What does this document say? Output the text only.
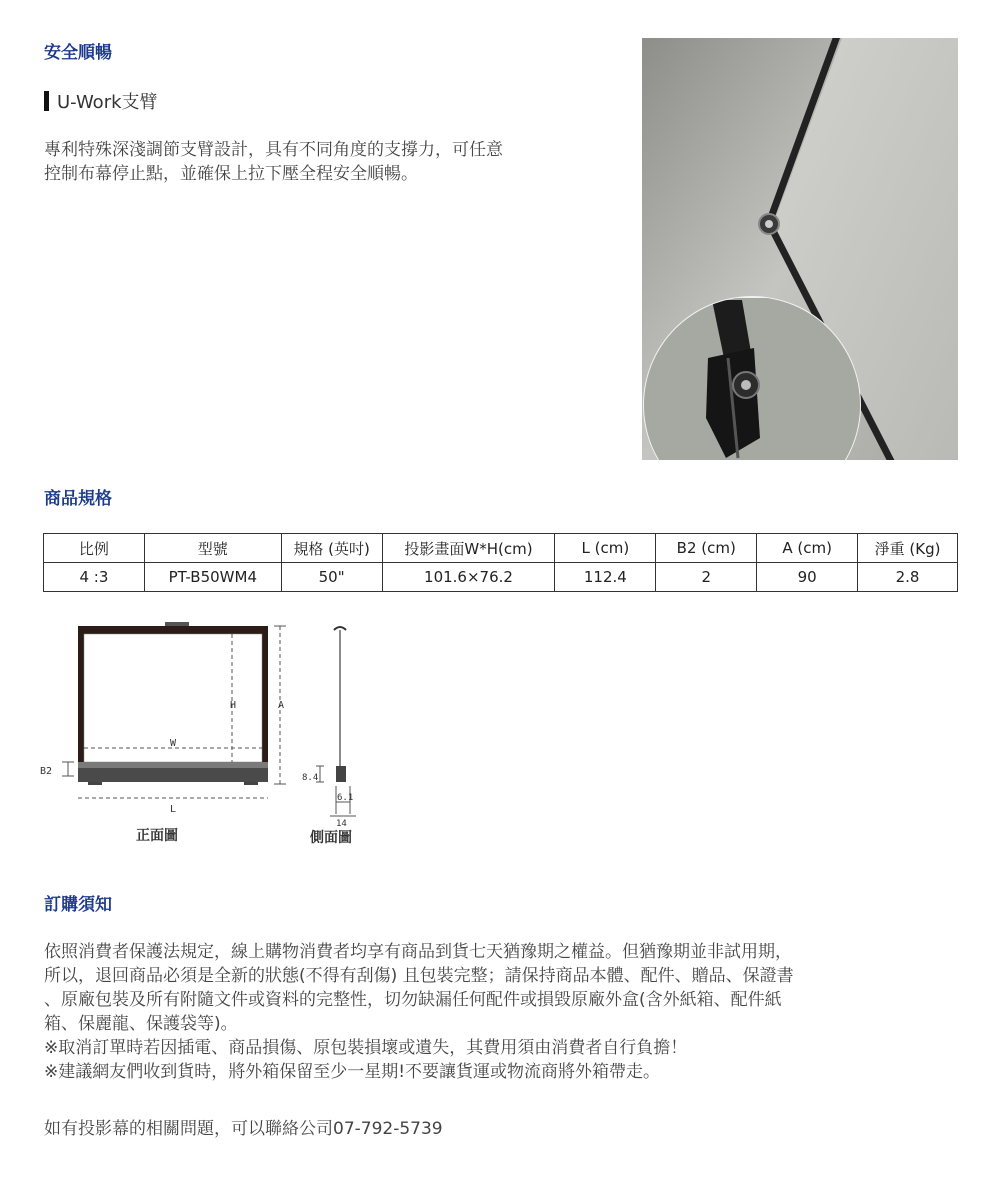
安全順暢
U-Work支臂
專利特殊深淺調節支臂設計，具有不同角度的支撐力，可任意
控制布幕停止點，並確保上拉下壓全程安全順暢。
商品規格
比例	型號	規格 (英吋)	投影畫面W*H(cm)	L (cm)	B2 (cm)	A (cm)	淨重 (Kg)
4 :3	PT-B50WM4	50"	101.6×76.2	112.4	2	90	2.8
H	A
W
B2
L
正面圖
8.4
6.1
14
側面圖
訂購須知
依照消費者保護法規定，線上購物消費者均享有商品到貨七天猶豫期之權益。但猶豫期並非試用期，
所以，退回商品必須是全新的狀態(不得有刮傷) 且包裝完整；請保持商品本體、配件、贈品、保證書
、原廠包裝及所有附隨文件或資料的完整性，切勿缺漏任何配件或損毀原廠外盒(含外紙箱、配件紙
箱、保麗龍、保護袋等)。
※取消訂單時若因插電、商品損傷、原包裝損壞或遺失，其費用須由消費者自行負擔！
※建議網友們收到貨時，將外箱保留至少一星期!不要讓貨運或物流商將外箱帶走。
如有投影幕的相關問題，可以聯絡公司07-792-5739
